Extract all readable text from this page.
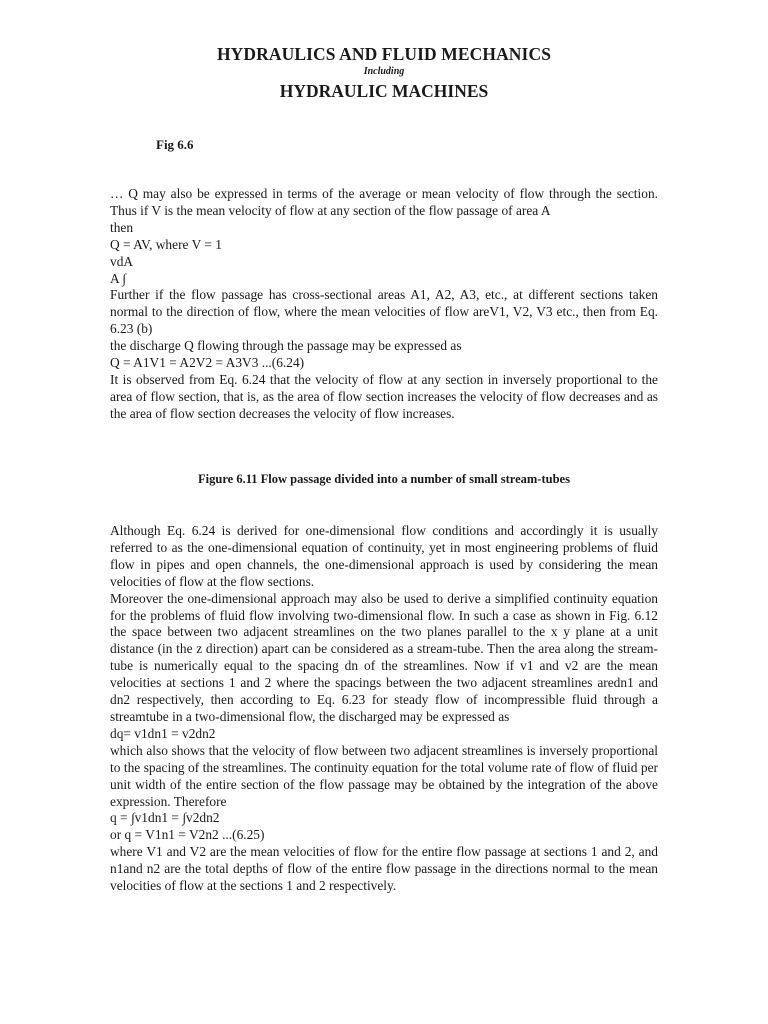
HYDRAULICS AND FLUID MECHANICS
Including
HYDRAULIC MACHINES
Fig 6.6

… Q may also be expressed in terms of the average or mean velocity of flow through the section. Thus if V is the mean velocity of flow at any section of the flow passage of area A

then

Q = AV, where V = 1

vdA

A ∫

Further if the flow passage has cross-sectional areas A1, A2, A3, etc., at different sections taken normal to the direction of flow, where the mean velocities of flow areV1, V2, V3 etc., then from Eq. 6.23 (b)

the discharge Q flowing through the passage may be expressed as

Q = A1V1 = A2V2 = A3V3 ...(6.24)

It is observed from Eq. 6.24 that the velocity of flow at any section in inversely proportional to the area of flow section, that is, as the area of flow section increases the velocity of flow decreases and as the area of flow section decreases the velocity of flow increases.

Figure 6.11 Flow passage divided into a number of small stream-tubes

Although Eq. 6.24 is derived for one-dimensional flow conditions and accordingly it is usually referred to as the one-dimensional equation of continuity, yet in most engineering problems of fluid flow in pipes and open channels, the one-dimensional approach is used by considering the mean velocities of flow at the flow sections.

Moreover the one-dimensional approach may also be used to derive a simplified continuity equation for the problems of fluid flow involving two-dimensional flow. In such a case as shown in Fig. 6.12 the space between two adjacent streamlines on the two planes parallel to the x y plane at a unit distance (in the z direction) apart can be considered as a stream-tube. Then the area along the stream-tube is numerically equal to the spacing dn of the streamlines. Now if v1 and v2 are the mean velocities at sections 1 and 2 where the spacings between the two adjacent streamlines aredn1 and dn2 respectively, then according to Eq. 6.23 for steady flow of incompressible fluid through a streamtube in a two-dimensional flow, the discharged may be expressed as

dq= v1dn1 = v2dn2

which also shows that the velocity of flow between two adjacent streamlines is inversely proportional to the spacing of the streamlines. The continuity equation for the total volume rate of flow of fluid per unit width of the entire section of the flow passage may be obtained by the integration of the above expression. Therefore

q = ∫v1dn1 = ∫v2dn2

or q = V1n1 = V2n2 ...(6.25)

where V1 and V2 are the mean velocities of flow for the entire flow passage at sections 1 and 2, and n1and n2 are the total depths of flow of the entire flow passage in the directions normal to the mean velocities of flow at the sections 1 and 2 respectively.
